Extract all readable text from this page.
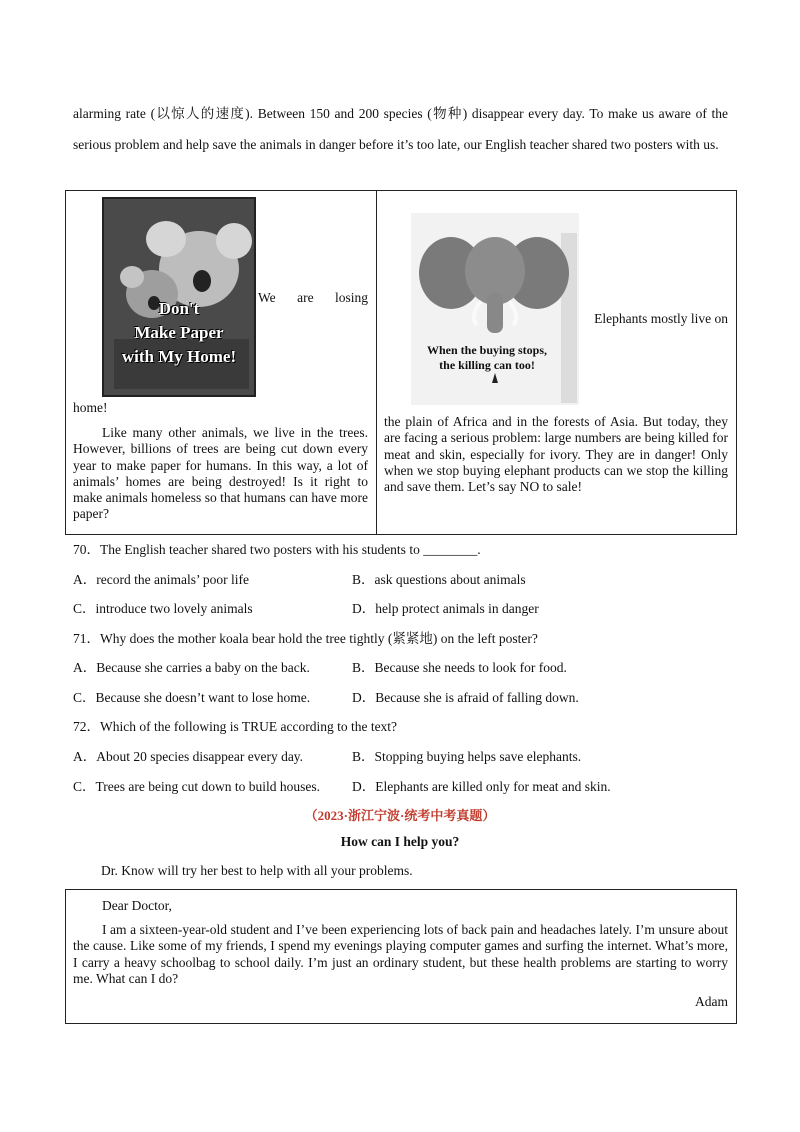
alarming rate (以惊人的速度). Between 150 and 200 species (物种) disappear every day. To make us aware of the serious problem and help save the animals in danger before it’s too late, our English teacher shared two posters with us.
Don't
Make Paper
with My Home!
We are losing
home!
Like many other animals, we live in the trees. However, billions of trees are being cut down every year to make paper for humans. In this way, a lot of animals’ homes are being destroyed! Is it right to make animals homeless so that humans can have more paper?

When the buying stops,
the killing can too!
Elephants mostly live on
the plain of Africa and in the forests of Asia. But today, they are facing a serious problem: large numbers are being killed for meat and skin, especially for ivory. They are in danger! Only when we stop buying elephant products can we stop the killing and save them. Let’s say NO to sale!
70．The English teacher shared two posters with his students to ________.
A．record the animals’ poor life	B．ask questions about animals
C．introduce two lovely animals	D．help protect animals in danger
71．Why does the mother koala bear hold the tree tightly (紧紧地) on the left poster?
A．Because she carries a baby on the back.	B．Because she needs to look for food.
C．Because she doesn’t want to lose home.	D．Because she is afraid of falling down.
72．Which of the following is TRUE according to the text?
A．About 20 species disappear every day.	B．Stopping buying helps save elephants.
C．Trees are being cut down to build houses. D．Elephants are killed only for meat and skin.
（2023·浙江宁波·统考中考真题）
How can I help you?
Dr. Know will try her best to help with all your problems.
Dear Doctor,
I am a sixteen-year-old student and I’ve been experiencing lots of back pain and headaches lately. I’m unsure about the cause. Like some of my friends, I spend my evenings playing computer games and surfing the internet. What’s more, I carry a heavy schoolbag to school daily. I’m just an ordinary student, but these health problems are starting to worry me. What can I do?
Adam
